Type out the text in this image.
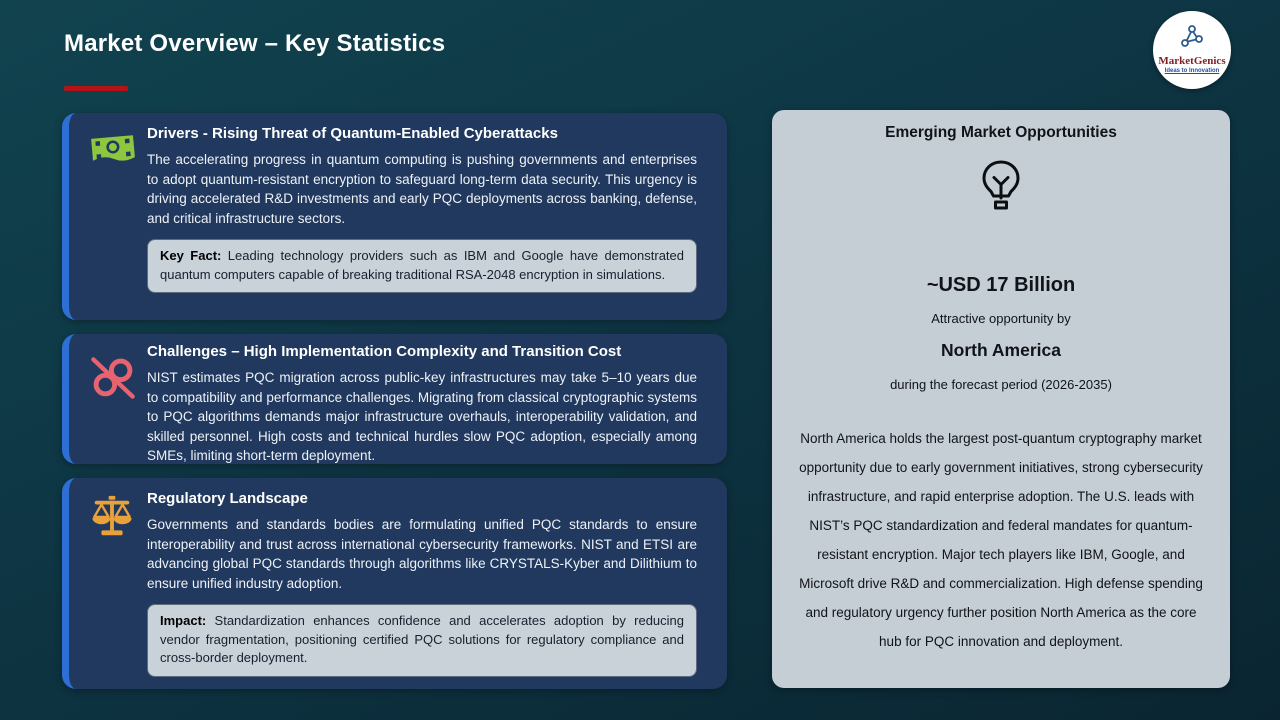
Market Overview – Key Statistics
MarketGenics
Ideas to Innovation
Drivers - Rising Threat of Quantum-Enabled Cyberattacks

The accelerating progress in quantum computing is pushing governments and enterprises to adopt quantum-resistant encryption to safeguard long-term data security. This urgency is driving accelerated R&D investments and early PQC deployments across banking, defense, and critical infrastructure sectors.

Key Fact: Leading technology providers such as IBM and Google have demonstrated quantum computers capable of breaking traditional RSA-2048 encryption in simulations.
Challenges – High Implementation Complexity and Transition Cost

NIST estimates PQC migration across public-key infrastructures may take 5–10 years due to compatibility and performance challenges. Migrating from classical cryptographic systems to PQC algorithms demands major infrastructure overhauls, interoperability validation, and skilled personnel. High costs and technical hurdles slow PQC adoption, especially among SMEs, limiting short-term deployment.

Regulatory Landscape

Governments and standards bodies are formulating unified PQC standards to ensure interoperability and trust across international cybersecurity frameworks. NIST and ETSI are advancing global PQC standards through algorithms like CRYSTALS-Kyber and Dilithium to ensure unified industry adoption.

Impact: Standardization enhances confidence and accelerates adoption by reducing vendor fragmentation, positioning certified PQC solutions for regulatory compliance and cross-border deployment.
Emerging Market Opportunities
~USD 17 Billion
Attractive opportunity by
North America
during the forecast period (2026-2035)
North America holds the largest post-quantum cryptography market opportunity due to early government initiatives, strong cybersecurity infrastructure, and rapid enterprise adoption. The U.S. leads with NIST’s PQC standardization and federal mandates for quantum-resistant encryption. Major tech players like IBM, Google, and Microsoft drive R&D and commercialization. High defense spending and regulatory urgency further position North America as the core hub for PQC innovation and deployment.
